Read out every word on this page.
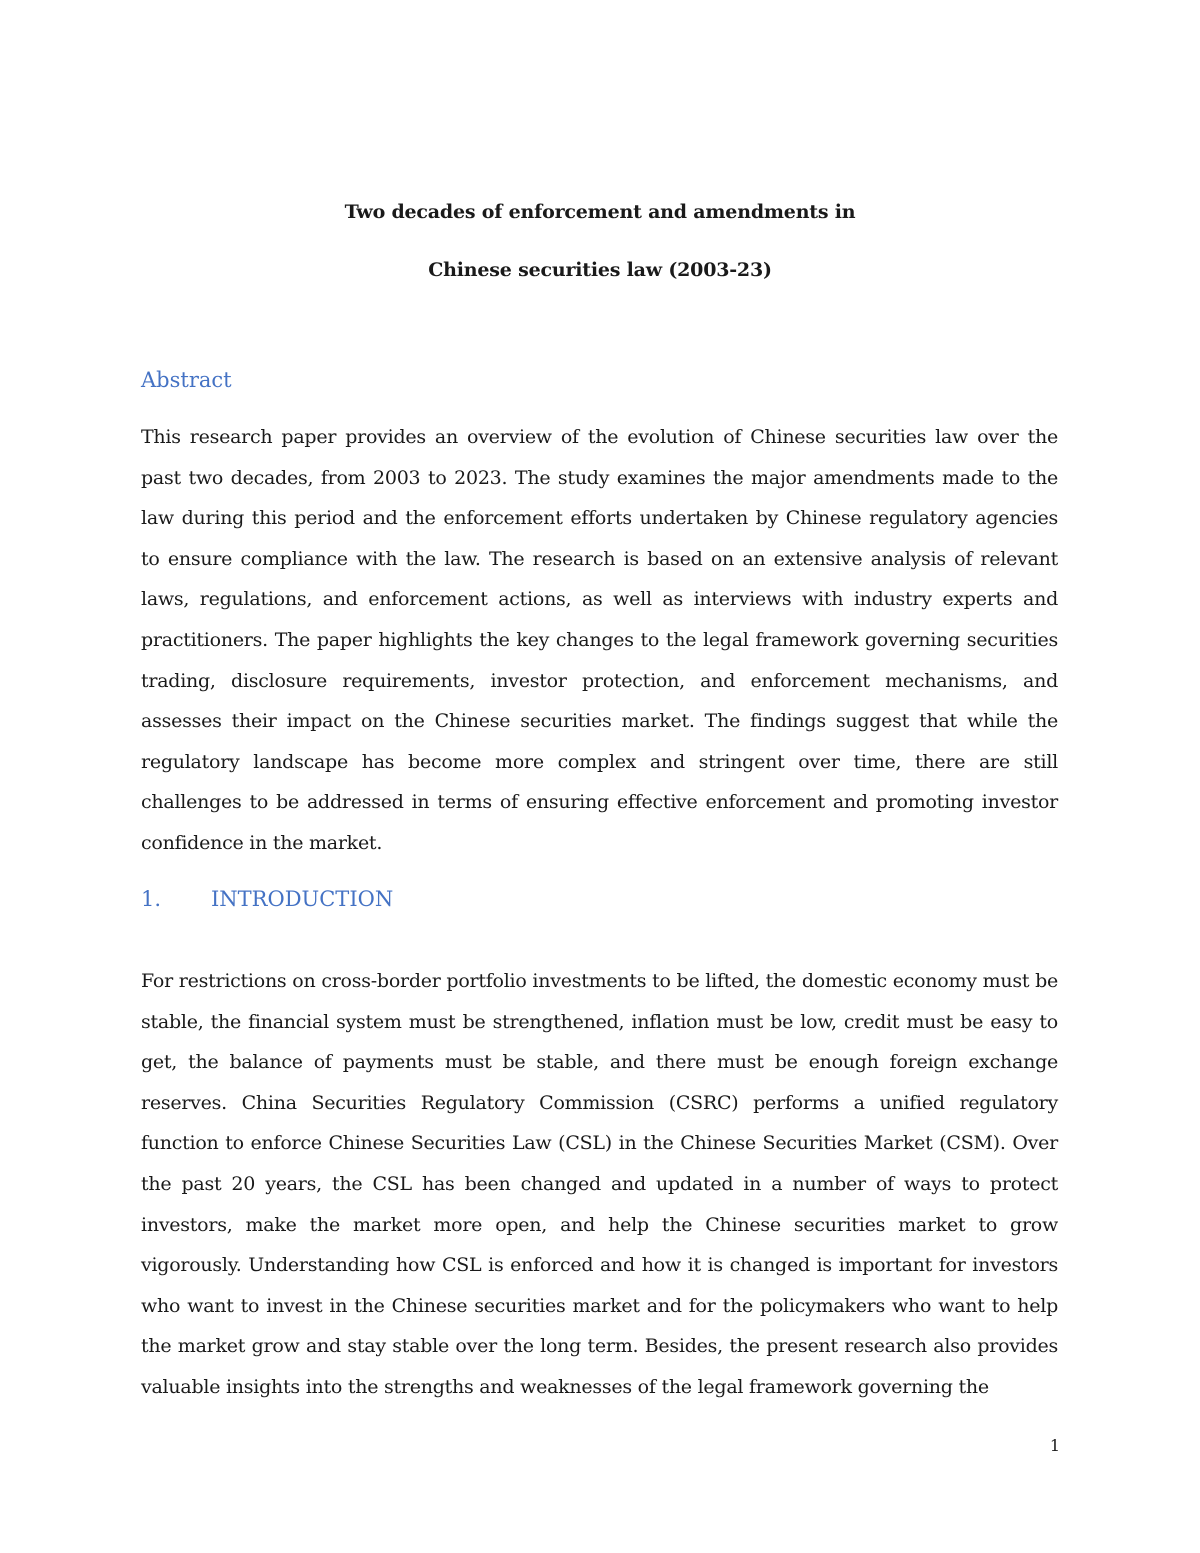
Two decades of enforcement and amendments in
Chinese securities law (2003-23)
Abstract
This research paper provides an overview of the evolution of Chinese securities law over the past two decades, from 2003 to 2023. The study examines the major amendments made to the law during this period and the enforcement efforts undertaken by Chinese regulatory agencies to ensure compliance with the law. The research is based on an extensive analysis of relevant laws, regulations, and enforcement actions, as well as interviews with industry experts and practitioners. The paper highlights the key changes to the legal framework governing securities trading, disclosure requirements, investor protection, and enforcement mechanisms, and assesses their impact on the Chinese securities market. The findings suggest that while the regulatory landscape has become more complex and stringent over time, there are still challenges to be addressed in terms of ensuring effective enforcement and promoting investor confidence in the market.
1. INTRODUCTION
For restrictions on cross-border portfolio investments to be lifted, the domestic economy must be stable, the financial system must be strengthened, inflation must be low, credit must be easy to get, the balance of payments must be stable, and there must be enough foreign exchange reserves. China Securities Regulatory Commission (CSRC) performs a unified regulatory function to enforce Chinese Securities Law (CSL) in the Chinese Securities Market (CSM). Over the past 20 years, the CSL has been changed and updated in a number of ways to protect investors, make the market more open, and help the Chinese securities market to grow vigorously. Understanding how CSL is enforced and how it is changed is important for investors who want to invest in the Chinese securities market and for the policymakers who want to help the market grow and stay stable over the long term. Besides, the present research also provides valuable insights into the strengths and weaknesses of the legal framework governing the
1
